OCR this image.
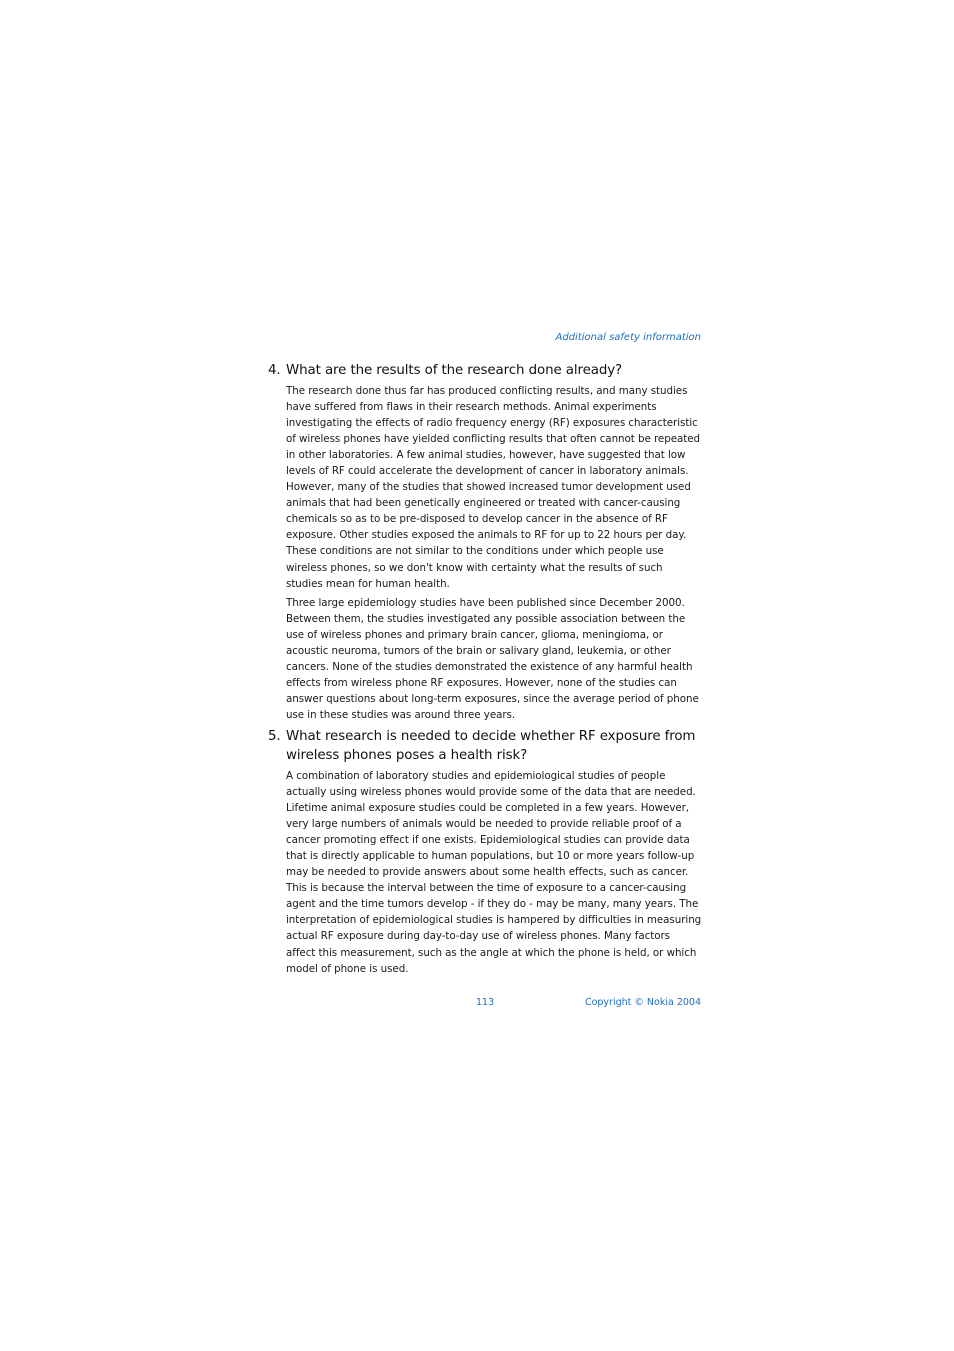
Additional safety information
4. What are the results of the research done already?

The research done thus far has produced conflicting results, and many studies have suffered from flaws in their research methods. Animal experiments investigating the effects of radio frequency energy (RF) exposures characteristic of wireless phones have yielded conflicting results that often cannot be repeated in other laboratories. A few animal studies, however, have suggested that low levels of RF could accelerate the development of cancer in laboratory animals. However, many of the studies that showed increased tumor development used animals that had been genetically engineered or treated with cancer-causing chemicals so as to be pre-disposed to develop cancer in the absence of RF exposure. Other studies exposed the animals to RF for up to 22 hours per day. These conditions are not similar to the conditions under which people use wireless phones, so we don't know with certainty what the results of such studies mean for human health.

Three large epidemiology studies have been published since December 2000. Between them, the studies investigated any possible association between the use of wireless phones and primary brain cancer, glioma, meningioma, or acoustic neuroma, tumors of the brain or salivary gland, leukemia, or other cancers. None of the studies demonstrated the existence of any harmful health effects from wireless phone RF exposures. However, none of the studies can answer questions about long-term exposures, since the average period of phone use in these studies was around three years.

5. What research is needed to decide whether RF exposure from wireless phones poses a health risk?

A combination of laboratory studies and epidemiological studies of people actually using wireless phones would provide some of the data that are needed. Lifetime animal exposure studies could be completed in a few years. However, very large numbers of animals would be needed to provide reliable proof of a cancer promoting effect if one exists. Epidemiological studies can provide data that is directly applicable to human populations, but 10 or more years follow-up may be needed to provide answers about some health effects, such as cancer. This is because the interval between the time of exposure to a cancer-causing agent and the time tumors develop - if they do - may be many, many years. The interpretation of epidemiological studies is hampered by difficulties in measuring actual RF exposure during day-to-day use of wireless phones. Many factors affect this measurement, such as the angle at which the phone is held, or which model of phone is used.

113	Copyright © Nokia 2004
